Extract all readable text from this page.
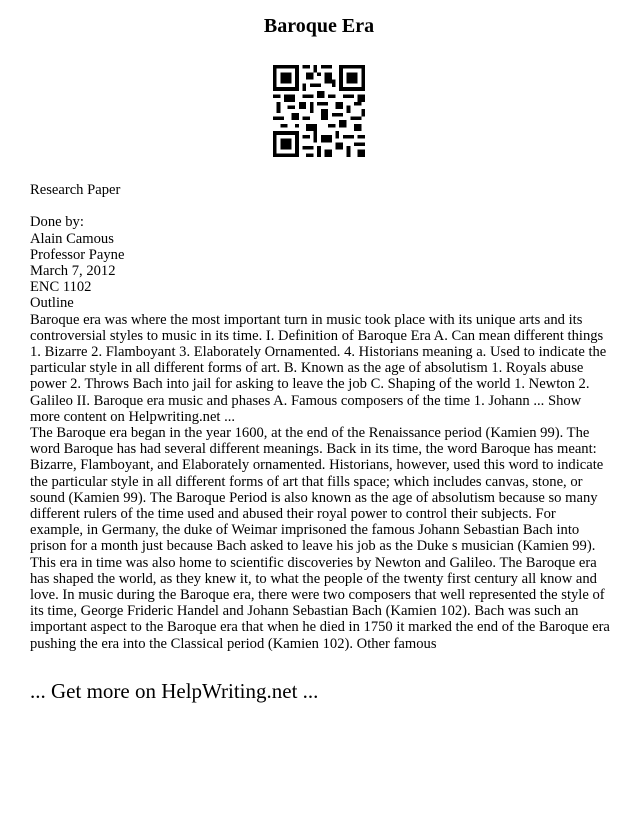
Baroque Era

Research Paper

Done by:

Alain Camous

Professor Payne

March 7, 2012

ENC 1102

Outline

Baroque era was where the most important turn in music took place with its unique arts and its controversial styles to music in its time. I. Definition of Baroque Era A. Can mean different things 1. Bizarre 2. Flamboyant 3. Elaborately Ornamented. 4. Historians meaning a. Used to indicate the particular style in all different forms of art. B. Known as the age of absolutism 1. Royals abuse power 2. Throws Bach into jail for asking to leave the job C. Shaping of the world 1. Newton 2. Galileo II. Baroque era music and phases A. Famous composers of the time 1. Johann ... Show more content on Helpwriting.net ...

The Baroque era began in the year 1600, at the end of the Renaissance period (Kamien 99). The word Baroque has had several different meanings. Back in its time, the word Baroque has meant: Bizarre, Flamboyant, and Elaborately ornamented. Historians, however, used this word to indicate the particular style in all different forms of art that fills space; which includes canvas, stone, or sound (Kamien 99). The Baroque Period is also known as the age of absolutism because so many different rulers of the time used and abused their royal power to control their subjects. For example, in Germany, the duke of Weimar imprisoned the famous Johann Sebastian Bach into prison for a month just because Bach asked to leave his job as the Duke s musician (Kamien 99). This era in time was also home to scientific discoveries by Newton and Galileo. The Baroque era has shaped the world, as they knew it, to what the people of the twenty first century all know and love. In music during the Baroque era, there were two composers that well represented the style of its time, George Frideric Handel and Johann Sebastian Bach (Kamien 102). Bach was such an important aspect to the Baroque era that when he died in 1750 it marked the end of the Baroque era pushing the era into the Classical period (Kamien 102). Other famous

... Get more on HelpWriting.net ...
